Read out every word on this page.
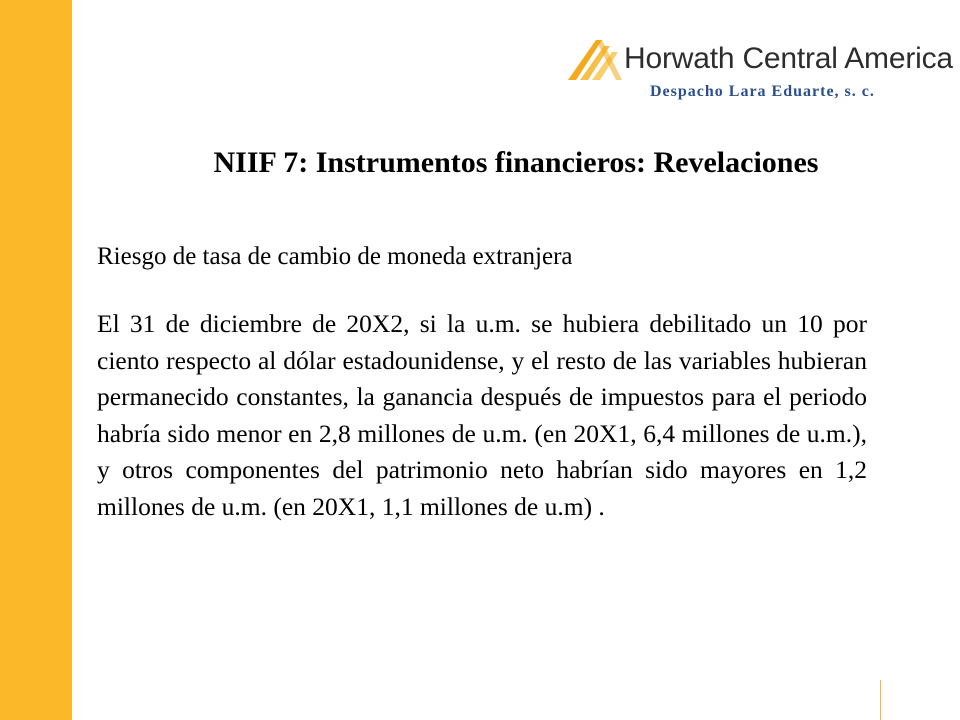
Horwath Central America
Despacho Lara Eduarte, s. c.
NIIF 7: Instrumentos financieros: Revelaciones
Riesgo de tasa de cambio de moneda extranjera

El 31 de diciembre de 20X2, si la u.m. se hubiera debilitado un 10 por ciento respecto al dólar estadounidense, y el resto de las variables hubieran permanecido constantes, la ganancia después de impuestos para el periodo habría sido menor en 2,8 millones de u.m. (en 20X1, 6,4 millones de u.m.), y otros componentes del patrimonio neto habrían sido mayores en 1,2 millones de u.m. (en 20X1, 1,1 millones de u.m) .
